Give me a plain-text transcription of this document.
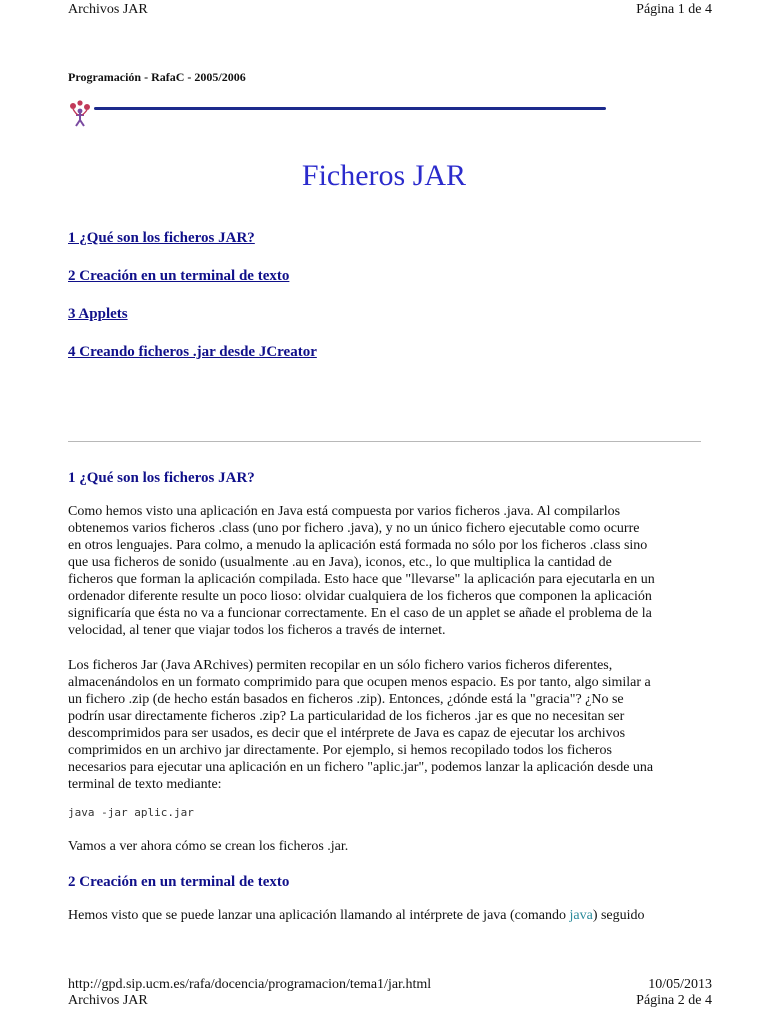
Archivos JAR	Página 1 de 4
Programación - RafaC - 2005/2006
Ficheros JAR
1 ¿Qué son los ficheros JAR?
2 Creación en un terminal de texto
3 Applets
4 Creando ficheros .jar desde JCreator
1 ¿Qué son los ficheros JAR?
Como hemos visto una aplicación en Java está compuesta por varios ficheros .java. Al compilarlos
obtenemos varios ficheros .class (uno por fichero .java), y no un único fichero ejecutable como ocurre
en otros lenguajes. Para colmo, a menudo la aplicación está formada no sólo por los ficheros .class sino
que usa ficheros de sonido (usualmente .au en Java), iconos, etc., lo que multiplica la cantidad de
ficheros que forman la aplicación compilada. Esto hace que "llevarse" la aplicación para ejecutarla en un
ordenador diferente resulte un poco lioso: olvidar cualquiera de los ficheros que componen la aplicación
significaría que ésta no va a funcionar correctamente. En el caso de un applet se añade el problema de la
velocidad, al tener que viajar todos los ficheros a través de internet.
Los ficheros Jar (Java ARchives) permiten recopilar en un sólo fichero varios ficheros diferentes,
almacenándolos en un formato comprimido para que ocupen menos espacio. Es por tanto, algo similar a
un fichero .zip (de hecho están basados en ficheros .zip). Entonces, ¿dónde está la "gracia"? ¿No se
podrín usar directamente ficheros .zip? La particularidad de los ficheros .jar es que no necesitan ser
descomprimidos para ser usados, es decir que el intérprete de Java es capaz de ejecutar los archivos
comprimidos en un archivo jar directamente. Por ejemplo, si hemos recopilado todos los ficheros
necesarios para ejecutar una aplicación en un fichero "aplic.jar", podemos lanzar la aplicación desde una
terminal de texto mediante:
java -jar aplic.jar
Vamos a ver ahora cómo se crean los ficheros .jar.
2 Creación en un terminal de texto
Hemos visto que se puede lanzar una aplicación llamando al intérprete de java (comando java) seguido
http://gpd.sip.ucm.es/rafa/docencia/programacion/tema1/jar.html	10/05/2013
Archivos JAR	Página 2 de 4
